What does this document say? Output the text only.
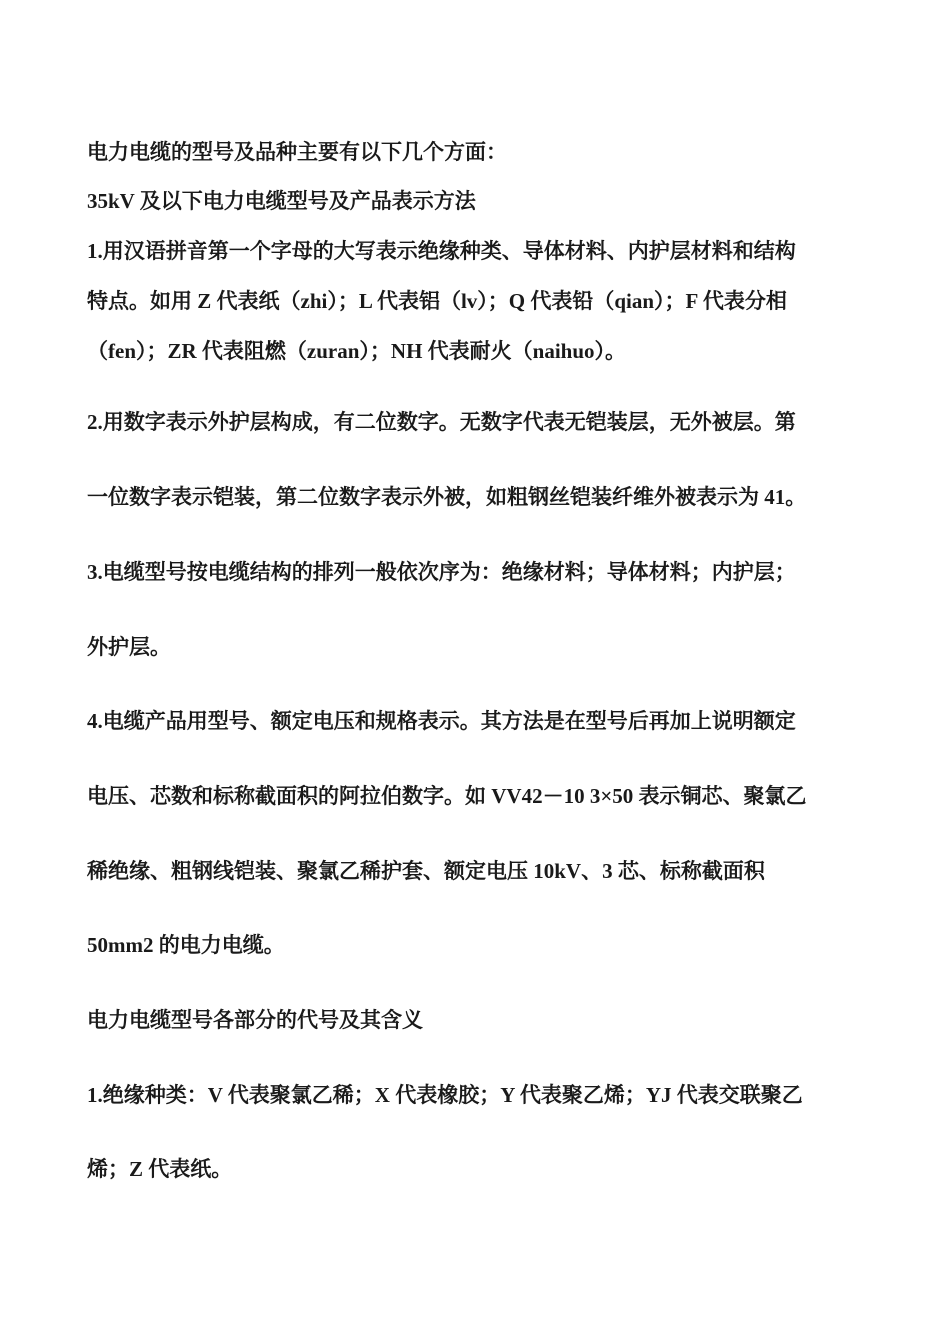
电力电缆的型号及品种主要有以下几个方面：

35kV 及以下电力电缆型号及产品表示方法

1.用汉语拼音第一个字母的大写表示绝缘种类、导体材料、内护层材料和结构

特点。如用 Z 代表纸（zhi）；L 代表铝（lv）；Q 代表铅（qian）；F 代表分相

（fen）；ZR 代表阻燃（zuran）；NH 代表耐火（naihuo）。

2.用数字表示外护层构成，有二位数字。无数字代表无铠装层，无外被层。第

一位数字表示铠装，第二位数字表示外被，如粗钢丝铠装纤维外被表示为 41。

3.电缆型号按电缆结构的排列一般依次序为：绝缘材料；导体材料；内护层；

外护层。

4.电缆产品用型号、额定电压和规格表示。其方法是在型号后再加上说明额定

电压、芯数和标称截面积的阿拉伯数字。如 VV42－10 3×50 表示铜芯、聚氯乙

稀绝缘、粗钢线铠装、聚氯乙稀护套、额定电压 10kV、3 芯、标称截面积

50mm2 的电力电缆。

电力电缆型号各部分的代号及其含义

1.绝缘种类：V 代表聚氯乙稀；X 代表橡胶；Y 代表聚乙烯；YJ 代表交联聚乙

烯；Z 代表纸。
